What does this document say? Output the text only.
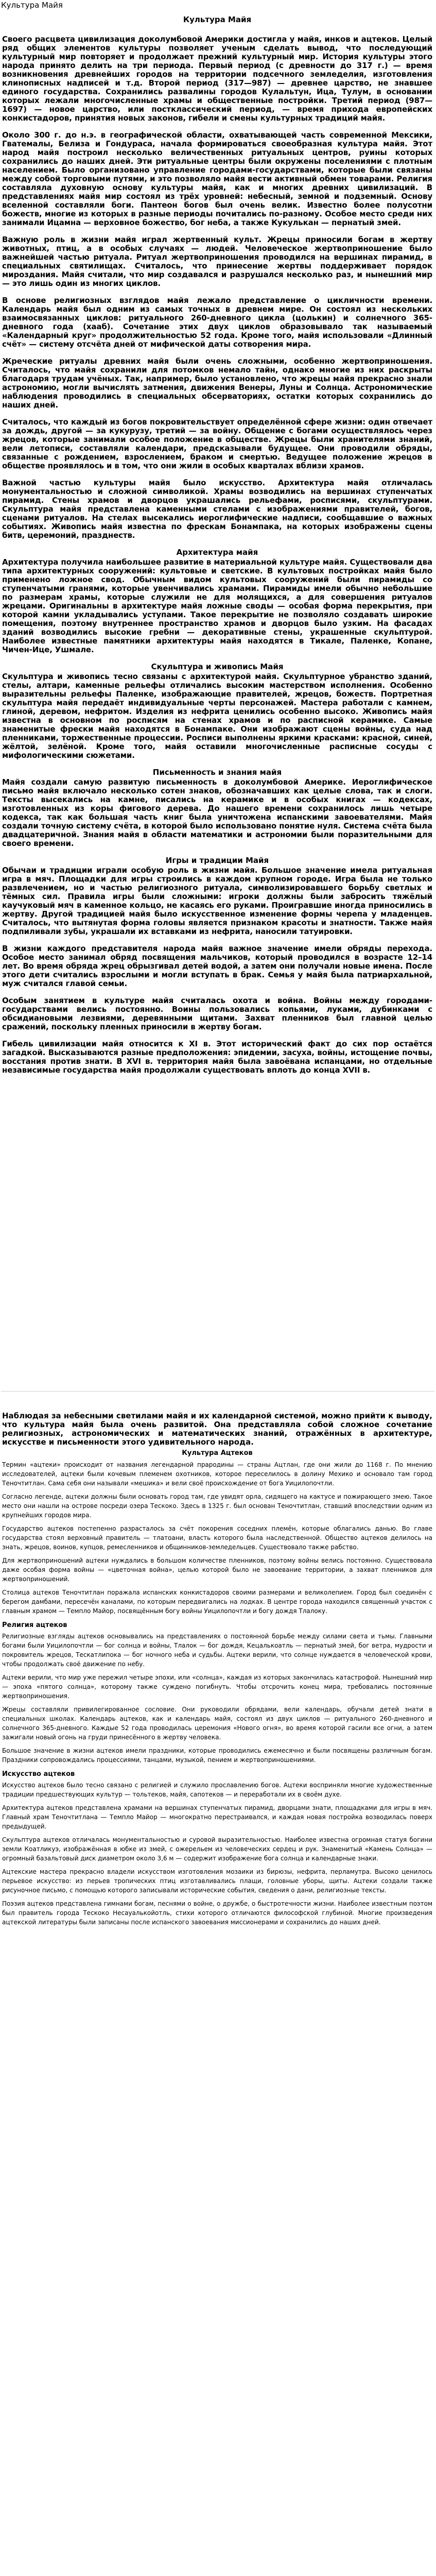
Культура Майя
Культура Майя

Своего расцвета цивилизация доколумбовой Америки достигла у майя, инков и ацтеков. Целый ряд общих элементов культуры позволяет ученым сделать вывод, что последующий культурный мир повторяет и продолжает прежний культурный мир. История культуры этого народа принято делить на три периода. Первый период (с древности до 317 г.) — время возникновения древнейших городов на территории подсечного земледелия, изготовления клинописных надписей и т.д. Второй период (317—987) — древнее царство, не знавшее единого государства. Сохранились развалины городов Кулальтун, Ица, Тулум, в основании которых лежали многочисленные храмы и общественные постройки. Третий период (987—1697) — новое царство, или постклассический период, — время прихода европейских конкистадоров, принятия новых законов, гибели и смены культурных традиций майя.

Около 300 г. до н.э. в географической области, охватывающей часть современной Мексики, Гватемалы, Белиза и Гондураса, начала формироваться своеобразная культура майя. Этот народ майя построил несколько величественных ритуальных центров, руины которых сохранились до наших дней. Эти ритуальные центры были окружены поселениями с плотным населением. Было организовано управление городами-государствами, которые были связаны между собой торговыми путями, и это позволяло майя вести активный обмен товарами. Религия составляла духовную основу культуры майя, как и многих древних цивилизаций. В представлениях майя мир состоял из трёх уровней: небесный, земной и подземный. Основу вселенной составляли боги. Пантеон богов был очень велик. Известно более полусотни божеств, многие из которых в разные периоды почитались по-разному. Особое место среди них занимали Ицамна — верховное божество, бог неба, а также Кукулькан — пернатый змей.

Важную роль в жизни майя играл жертвенный культ. Жрецы приносили богам в жертву животных, птиц, а в особых случаях — людей. Человеческое жертвоприношение было важнейшей частью ритуала. Ритуал жертвоприношения проводился на вершинах пирамид, в специальных святилищах. Считалось, что принесение жертвы поддерживает порядок мироздания. Майя считали, что мир создавался и разрушался несколько раз, и нынешний мир — это лишь один из многих циклов.

В основе религиозных взглядов майя лежало представление о цикличности времени. Календарь майя был одним из самых точных в древнем мире. Он состоял из нескольких взаимосвязанных циклов: ритуального 260-дневного цикла (цолькин) и солнечного 365-дневного года (хааб). Сочетание этих двух циклов образовывало так называемый «Календарный круг» продолжительностью 52 года. Кроме того, майя использовали «Длинный счёт» — систему отсчёта дней от мифической даты сотворения мира.

Жреческие ритуалы древних майя были очень сложными, особенно жертвоприношения. Считалось, что майя сохранили для потомков немало тайн, однако многие из них раскрыты благодаря трудам учёных. Так, например, было установлено, что жрецы майя прекрасно знали астрономию, могли вычислять затмения, движения Венеры, Луны и Солнца. Астрономические наблюдения проводились в специальных обсерваториях, остатки которых сохранились до наших дней.

Считалось, что каждый из богов покровительствует определённой сфере жизни: один отвечает за дождь, другой — за кукурузу, третий — за войну. Общение с богами осуществлялось через жрецов, которые занимали особое положение в обществе. Жрецы были хранителями знаний, вели летописи, составляли календари, предсказывали будущее. Они проводили обряды, связанные с рождением, взрослением, браком и смертью. Ведущее положение жрецов в обществе проявлялось и в том, что они жили в особых кварталах вблизи храмов.

Важной частью культуры майя было искусство. Архитектура майя отличалась монументальностью и сложной символикой. Храмы возводились на вершинах ступенчатых пирамид. Стены храмов и дворцов украшались рельефами, росписями, скульптурами. Скульптура майя представлена каменными стелами с изображениями правителей, богов, сценами ритуалов. На стелах высекались иероглифические надписи, сообщавшие о важных событиях. Живопись майя известна по фрескам Бонампака, на которых изображены сцены битв, церемоний, празднеств.

Архитектура майя

Архитектура получила наибольшее развитие в материальной культуре майя. Существовали два типа архитектурных сооружений: культовые и светские. В культовых постройках майя было применено ложное свод. Обычным видом культовых сооружений были пирамиды со ступенчатыми гранями, которые увенчивались храмами. Пирамиды имели обычно небольшие по размерам храмы, которые служили не для молящихся, а для совершения ритуалов жрецами. Оригинальны в архитектуре майя ложные своды — особая форма перекрытия, при которой камни укладывались уступами. Такое перекрытие не позволяло создавать широкие помещения, поэтому внутреннее пространство храмов и дворцов было узким. На фасадах зданий возводились высокие гребни — декоративные стены, украшенные скульптурой. Наиболее известные памятники архитектуры майя находятся в Тикале, Паленке, Копане, Чичен-Ице, Ушмале.

Скульптура и живопись Майя

Скульптура и живопись тесно связаны с архитектурой майя. Скульптурное убранство зданий, стелы, алтари, каменные рельефы отличались высоким мастерством исполнения. Особенно выразительны рельефы Паленке, изображающие правителей, жрецов, божеств. Портретная скульптура майя передаёт индивидуальные черты персонажей. Мастера работали с камнем, глиной, деревом, нефритом. Изделия из нефрита ценились особенно высоко. Живопись майя известна в основном по росписям на стенах храмов и по расписной керамике. Самые знаменитые фрески майя находятся в Бонампаке. Они изображают сцены войны, суда над пленниками, торжественные процессии. Росписи выполнены яркими красками: красной, синей, жёлтой, зелёной. Кроме того, майя оставили многочисленные расписные сосуды с мифологическими сюжетами.

Письменность и знания майя

Майя создали самую развитую письменность в доколумбовой Америке. Иероглифическое письмо майя включало несколько сотен знаков, обозначавших как целые слова, так и слоги. Тексты высекались на камне, писались на керамике и в особых книгах — кодексах, изготовленных из коры фигового дерева. До нашего времени сохранилось лишь четыре кодекса, так как большая часть книг была уничтожена испанскими завоевателями. Майя создали точную систему счёта, в которой было использовано понятие нуля. Система счёта была двадцатеричной. Знания майя в области математики и астрономии были поразительными для своего времени.

Игры и традиции Майя

Обычаи и традиции играли особую роль в жизни майя. Большое значение имела ритуальная игра в мяч. Площадки для игры строились в каждом крупном городе. Игра была не только развлечением, но и частью религиозного ритуала, символизировавшего борьбу светлых и тёмных сил. Правила игры были сложными: игроки должны были забросить тяжёлый каучуковый мяч в каменное кольцо, не касаясь его руками. Проигравшие иногда приносились в жертву. Другой традицией майя было искусственное изменение формы черепа у младенцев. Считалось, что вытянутая форма головы является признаком красоты и знатности. Также майя подпиливали зубы, украшали их вставками из нефрита, наносили татуировки.

В жизни каждого представителя народа майя важное значение имели обряды перехода. Особое место занимал обряд посвящения мальчиков, который проводился в возрасте 12–14 лет. Во время обряда жрец обрызгивал детей водой, а затем они получали новые имена. После этого дети считались взрослыми и могли вступать в брак. Семья у майя была патриархальной, муж считался главой семьи.

Особым занятием в культуре майя считалась охота и война. Войны между городами-государствами велись постоянно. Воины пользовались копьями, луками, дубинками с обсидиановыми лезвиями, деревянными щитами. Захват пленников был главной целью сражений, поскольку пленных приносили в жертву богам.

Гибель цивилизации майя относится к XI в. Этот исторический факт до сих пор остаётся загадкой. Высказываются разные предположения: эпидемии, засуха, войны, истощение почвы, восстания против знати. В XVI в. территория майя была завоёвана испанцами, но отдельные независимые государства майя продолжали существовать вплоть до конца XVII в.

Наблюдая за небесными светилами майя и их календарной системой, можно прийти к выводу, что культура майя была очень развитой. Она представляла собой сложное сочетание религиозных, астрономических и математических знаний, отражённых в архитектуре, искусстве и письменности этого удивительного народа.

Культура Ацтеков

Термин «ацтеки» происходит от названия легендарной прародины — страны Ацтлан, где они жили до 1168 г. По мнению исследователей, ацтеки были кочевым племенем охотников, которое переселилось в долину Мехико и основало там город Теночтитлан. Сама себя они называли «мешика» и вели своё происхождение от бога Уицилопочтли.

Согласно легенде, ацтеки должны были основать город там, где увидят орла, сидящего на кактусе и пожирающего змею. Такое место они нашли на острове посреди озера Тескоко. Здесь в 1325 г. был основан Теночтитлан, ставший впоследствии одним из крупнейших городов мира.

Государство ацтеков постепенно разрасталось за счёт покорения соседних племён, которые облагались данью. Во главе государства стоял верховный правитель — тлатоани, власть которого была наследственной. Общество ацтеков делилось на знать, жрецов, воинов, купцов, ремесленников и общинников-земледельцев. Существовало также рабство.

Для жертвоприношений ацтеки нуждались в большом количестве пленников, поэтому войны велись постоянно. Существовала даже особая форма войны — «цветочная война», целью которой было не завоевание территории, а захват пленников для жертвоприношений.

Столица ацтеков Теночтитлан поражала испанских конкистадоров своими размерами и великолепием. Город был соединён с берегом дамбами, пересечён каналами, по которым передвигались на лодках. В центре города находился священный участок с главным храмом — Темпло Майор, посвящённым богу войны Уицилопочтли и богу дождя Тлалоку.

Религия ацтеков

Религиозные взгляды ацтеков основывались на представлениях о постоянной борьбе между силами света и тьмы. Главными богами были Уицилопочтли — бог солнца и войны, Тлалок — бог дождя, Кецалькоатль — пернатый змей, бог ветра, мудрости и покровитель жрецов, Тескатлипока — бог ночного неба и судьбы. Ацтеки верили, что солнце нуждается в человеческой крови, чтобы продолжать своё движение по небу.

Ацтеки верили, что мир уже пережил четыре эпохи, или «солнца», каждая из которых закончилась катастрофой. Нынешний мир — эпоха «пятого солнца», которому также суждено погибнуть. Чтобы отсрочить конец мира, требовались постоянные жертвоприношения.

Жрецы составляли привилегированное сословие. Они руководили обрядами, вели календарь, обучали детей знати в специальных школах. Календарь ацтеков, как и календарь майя, состоял из двух циклов — ритуального 260-дневного и солнечного 365-дневного. Каждые 52 года проводилась церемония «Нового огня», во время которой гасили все огни, а затем зажигали новый огонь на груди принесённого в жертву человека.

Большое значение в жизни ацтеков имели праздники, которые проводились ежемесячно и были посвящены различным богам. Праздники сопровождались процессиями, танцами, музыкой, пением и жертвоприношениями.

Искусство ацтеков

Искусство ацтеков было тесно связано с религией и служило прославлению богов. Ацтеки восприняли многие художественные традиции предшествующих культур — тольтеков, майя, сапотеков — и переработали их в своём духе.

Архитектура ацтеков представлена храмами на вершинах ступенчатых пирамид, дворцами знати, площадками для игры в мяч. Главный храм Теночтитлана — Темпло Майор — многократно перестраивался, и каждая новая постройка возводилась поверх предыдущей.

Скульптура ацтеков отличалась монументальностью и суровой выразительностью. Наиболее известна огромная статуя богини земли Коатликуэ, изображённая в юбке из змей, с ожерельем из человеческих сердец и рук. Знаменитый «Камень Солнца» — огромный базальтовый диск диаметром около 3,6 м — содержит изображение бога солнца и календарные знаки.

Ацтекские мастера прекрасно владели искусством изготовления мозаики из бирюзы, нефрита, перламутра. Высоко ценилось перьевое искусство: из перьев тропических птиц изготавливались плащи, головные уборы, щиты. Ацтеки создали также рисуночное письмо, с помощью которого записывали исторические события, сведения о дани, религиозные тексты.

Поэзия ацтеков представлена гимнами богам, песнями о войне, о дружбе, о быстротечности жизни. Наиболее известным поэтом был правитель города Тескоко Несауалькойотль, стихи которого отличаются философской глубиной. Многие произведения ацтекской литературы были записаны после испанского завоевания миссионерами и сохранились до наших дней.
